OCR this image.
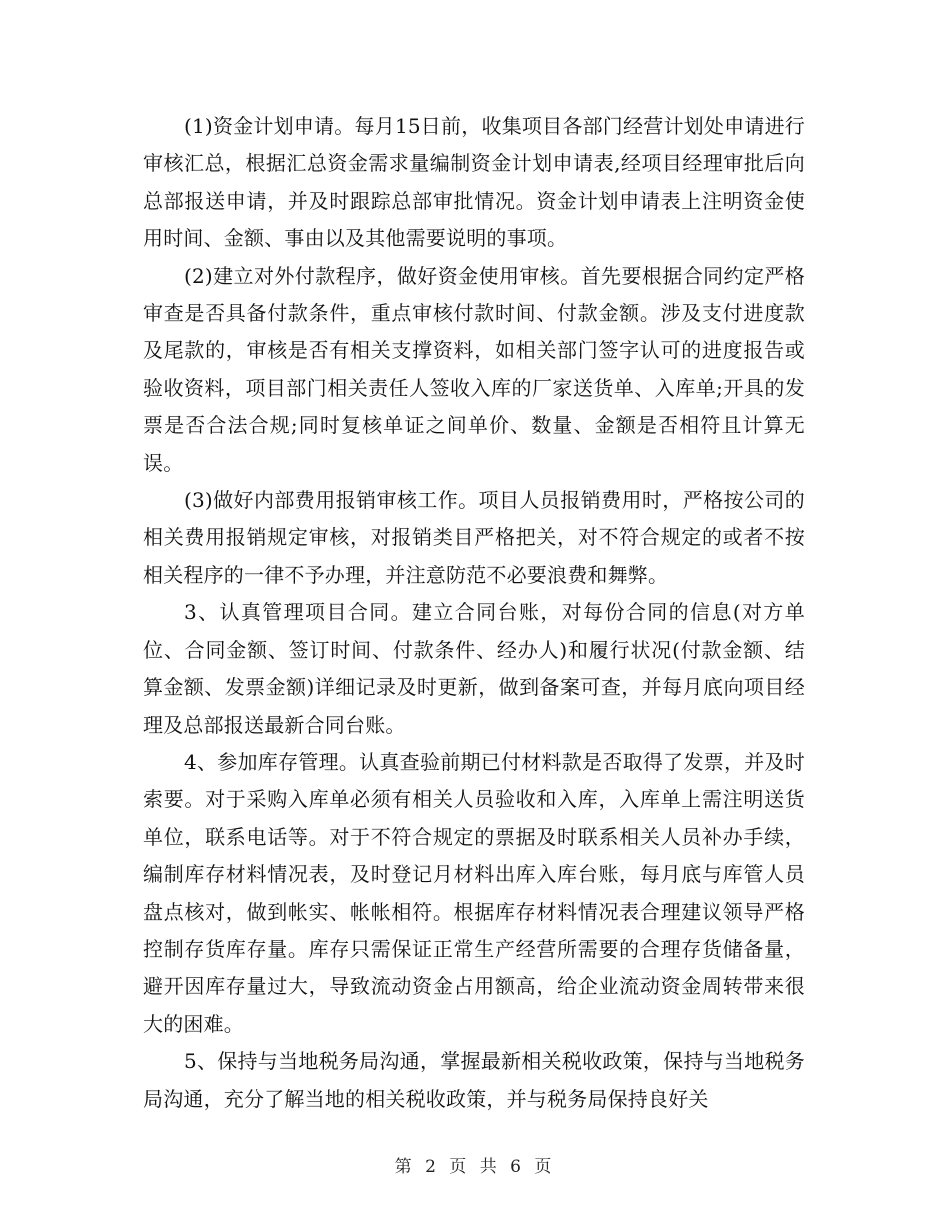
(1)资金计划申请。每月15日前，收集项目各部门经营计划处申请进行审核汇总，根据汇总资金需求量编制资金计划申请表,经项目经理审批后向总部报送申请，并及时跟踪总部审批情况。资金计划申请表上注明资金使用时间、金额、事由以及其他需要说明的事项。

(2)建立对外付款程序，做好资金使用审核。首先要根据合同约定严格审查是否具备付款条件，重点审核付款时间、付款金额。涉及支付进度款及尾款的，审核是否有相关支撑资料，如相关部门签字认可的进度报告或验收资料，项目部门相关责任人签收入库的厂家送货单、入库单;开具的发票是否合法合规;同时复核单证之间单价、数量、金额是否相符且计算无误。

(3)做好内部费用报销审核工作。项目人员报销费用时，严格按公司的相关费用报销规定审核，对报销类目严格把关，对不符合规定的或者不按相关程序的一律不予办理，并注意防范不必要浪费和舞弊。

3、认真管理项目合同。建立合同台账，对每份合同的信息(对方单位、合同金额、签订时间、付款条件、经办人)和履行状况(付款金额、结算金额、发票金额)详细记录及时更新，做到备案可查，并每月底向项目经理及总部报送最新合同台账。

4、参加库存管理。认真查验前期已付材料款是否取得了发票，并及时索要。对于采购入库单必须有相关人员验收和入库，入库单上需注明送货单位，联系电话等。对于不符合规定的票据及时联系相关人员补办手续，编制库存材料情况表，及时登记月材料出库入库台账，每月底与库管人员盘点核对，做到帐实、帐帐相符。根据库存材料情况表合理建议领导严格控制存货库存量。库存只需保证正常生产经营所需要的合理存货储备量，避开因库存量过大，导致流动资金占用额高，给企业流动资金周转带来很大的困难。

5、保持与当地税务局沟通，掌握最新相关税收政策，保持与当地税务局沟通，充分了解当地的相关税收政策，并与税务局保持良好关

第 2 页 共 6 页
